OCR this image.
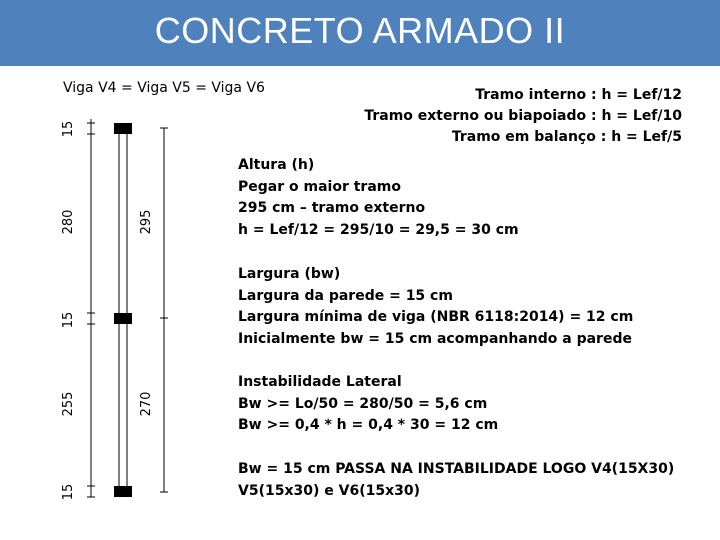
CONCRETO ARMADO II
Viga V4 = Viga V5 = Viga V6	Tramo interno : h = Lef/12
Tramo externo ou biapoiado : h = Lef/10
Tramo em balanço : h = Lef/5
15
280
15
255
15
295
270
Altura (h)
Pegar o maior tramo
295 cm – tramo externo
h = Lef/12 = 295/10 = 29,5 = 30 cm
Largura (bw)
Largura da parede = 15 cm
Largura mínima de viga (NBR 6118:2014) = 12 cm
Inicialmente bw = 15 cm acompanhando a parede
Instabilidade Lateral
Bw >= Lo/50 = 280/50 = 5,6 cm
Bw >= 0,4 * h = 0,4 * 30 = 12 cm
Bw = 15 cm PASSA NA INSTABILIDADE LOGO V4(15X30)
V5(15x30) e V6(15x30)
